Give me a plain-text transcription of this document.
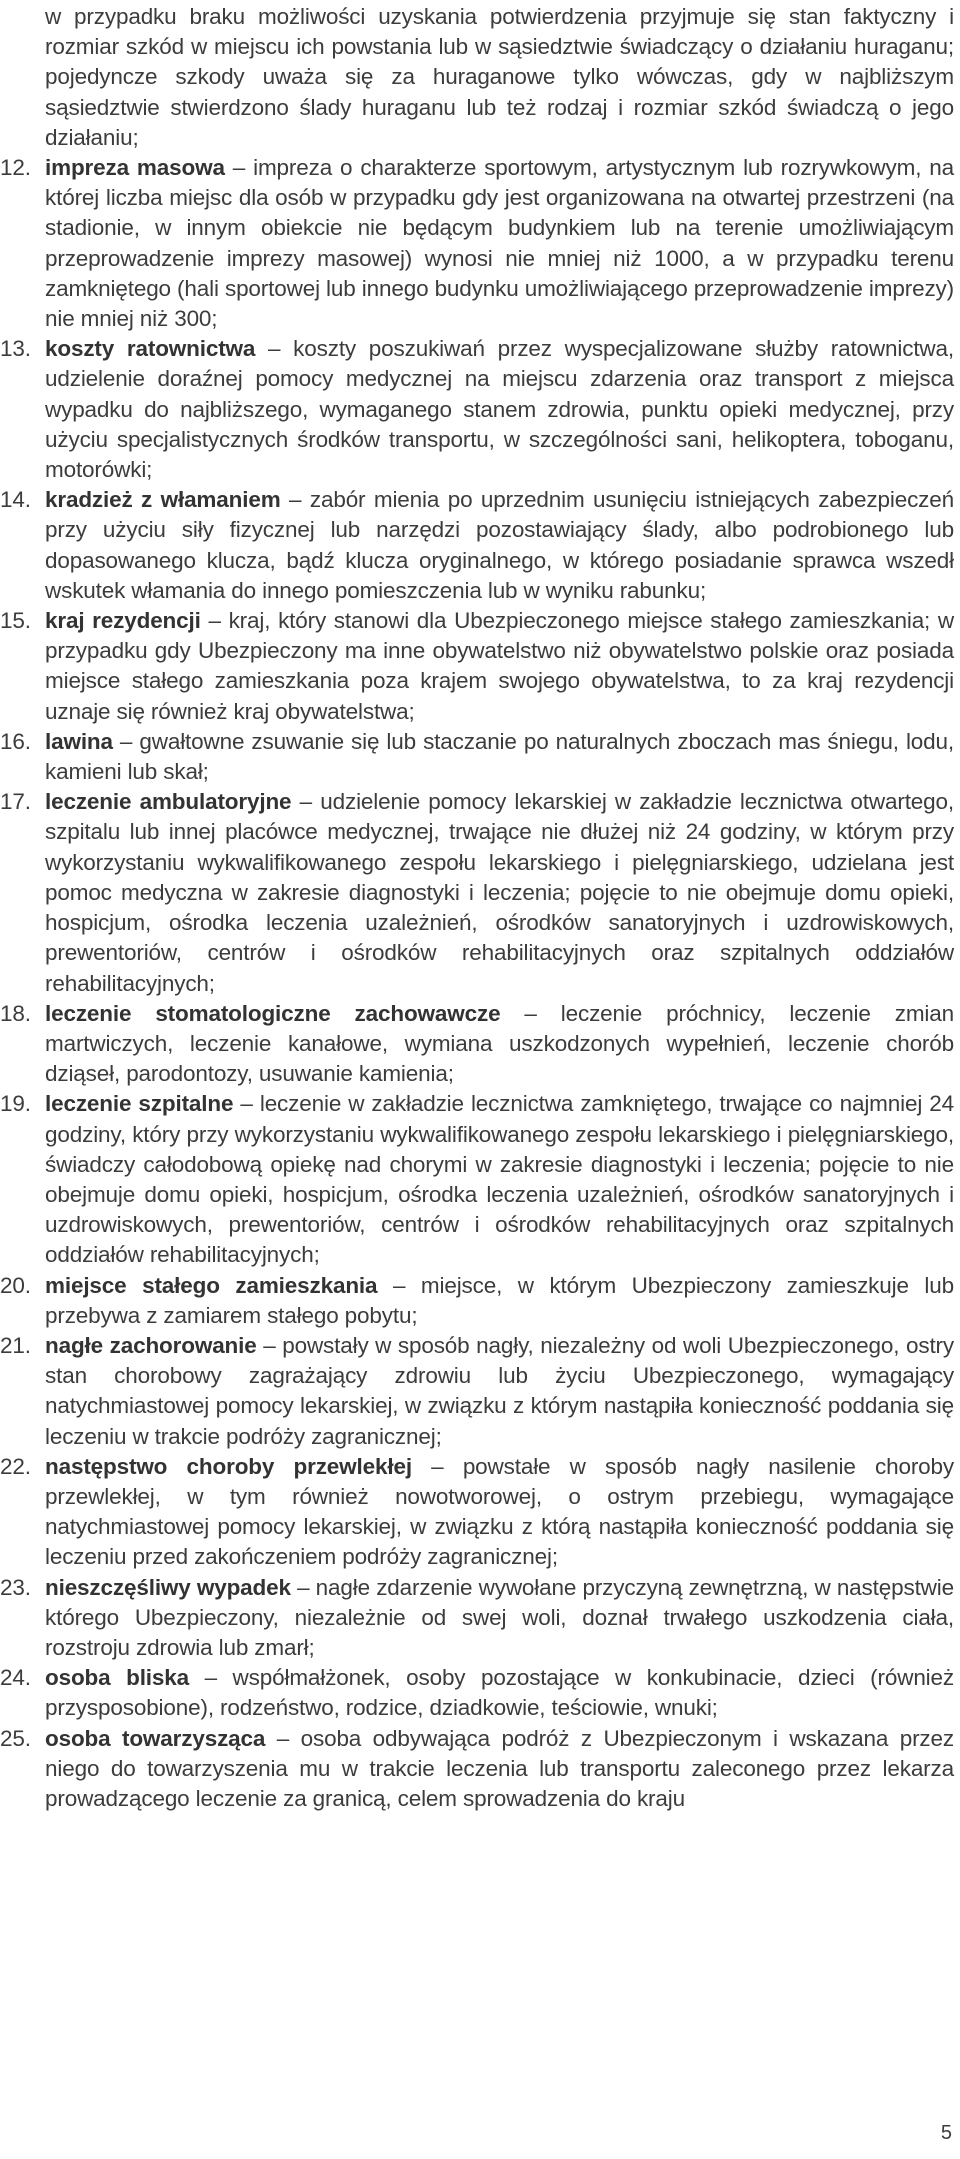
w przypadku braku możliwości uzyskania potwierdzenia przyjmuje się stan faktyczny i rozmiar szkód w miejscu ich powstania lub w sąsiedztwie świadczący o działaniu huraganu; pojedyncze szkody uważa się za huraganowe tylko wówczas, gdy w najbliższym sąsiedztwie stwierdzono ślady huraganu lub też rodzaj i rozmiar szkód świadczą o jego działaniu;

12. impreza masowa – impreza o charakterze sportowym, artystycznym lub rozrywkowym, na której liczba miejsc dla osób w przypadku gdy jest organizowana na otwartej przestrzeni (na stadionie, w innym obiekcie nie będącym budynkiem lub na terenie umożliwiającym przeprowadzenie imprezy masowej) wynosi nie mniej niż 1000, a w przypadku terenu zamkniętego (hali sportowej lub innego budynku umożliwiającego przeprowadzenie imprezy) nie mniej niż 300;

13. koszty ratownictwa – koszty poszukiwań przez wyspecjalizowane służby ratownictwa, udzielenie doraźnej pomocy medycznej na miejscu zdarzenia oraz transport z miejsca wypadku do najbliższego, wymaganego stanem zdrowia, punktu opieki medycznej, przy użyciu specjalistycznych środków transportu, w szczególności sani, helikoptera, toboganu, motorówki;

14. kradzież z włamaniem – zabór mienia po uprzednim usunięciu istniejących zabezpieczeń przy użyciu siły fizycznej lub narzędzi pozostawiający ślady, albo podrobionego lub dopasowanego klucza, bądź klucza oryginalnego, w którego posiadanie sprawca wszedł wskutek włamania do innego pomieszczenia lub w wyniku rabunku;

15. kraj rezydencji – kraj, który stanowi dla Ubezpieczonego miejsce stałego zamieszkania; w przypadku gdy Ubezpieczony ma inne obywatelstwo niż obywatelstwo polskie oraz posiada miejsce stałego zamieszkania poza krajem swojego obywatelstwa, to za kraj rezydencji uznaje się również kraj obywatelstwa;

16. lawina – gwałtowne zsuwanie się lub staczanie po naturalnych zboczach mas śniegu, lodu, kamieni lub skał;

17. leczenie ambulatoryjne – udzielenie pomocy lekarskiej w zakładzie lecznictwa otwartego, szpitalu lub innej placówce medycznej, trwające nie dłużej niż 24 godziny, w którym przy wykorzystaniu wykwalifikowanego zespołu lekarskiego i pielęgniarskiego, udzielana jest pomoc medyczna w zakresie diagnostyki i leczenia; pojęcie to nie obejmuje domu opieki, hospicjum, ośrodka leczenia uzależnień, ośrodków sanatoryjnych i uzdrowiskowych, prewentoriów, centrów i ośrodków rehabilitacyjnych oraz szpitalnych oddziałów rehabilitacyjnych;

18. leczenie stomatologiczne zachowawcze – leczenie próchnicy, leczenie zmian martwiczych, leczenie kanałowe, wymiana uszkodzonych wypełnień, leczenie chorób dziąseł, parodontozy, usuwanie kamienia;

19. leczenie szpitalne – leczenie w zakładzie lecznictwa zamkniętego, trwające co najmniej 24 godziny, który przy wykorzystaniu wykwalifikowanego zespołu lekarskiego i pielęgniarskiego, świadczy całodobową opiekę nad chorymi w zakresie diagnostyki i leczenia; pojęcie to nie obejmuje domu opieki, hospicjum, ośrodka leczenia uzależnień, ośrodków sanatoryjnych i uzdrowiskowych, prewentoriów, centrów i ośrodków rehabilitacyjnych oraz szpitalnych oddziałów rehabilitacyjnych;

20. miejsce stałego zamieszkania – miejsce, w którym Ubezpieczony zamieszkuje lub przebywa z zamiarem stałego pobytu;

21. nagłe zachorowanie – powstały w sposób nagły, niezależny od woli Ubezpieczonego, ostry stan chorobowy zagrażający zdrowiu lub życiu Ubezpieczonego, wymagający natychmiastowej pomocy lekarskiej, w związku z którym nastąpiła konieczność poddania się leczeniu w trakcie podróży zagranicznej;

22. następstwo choroby przewlekłej – powstałe w sposób nagły nasilenie choroby przewlekłej, w tym również nowotworowej, o ostrym przebiegu, wymagające natychmiastowej pomocy lekarskiej, w związku z którą nastąpiła konieczność poddania się leczeniu przed zakończeniem podróży zagranicznej;

23. nieszczęśliwy wypadek – nagłe zdarzenie wywołane przyczyną zewnętrzną, w następstwie którego Ubezpieczony, niezależnie od swej woli, doznał trwałego uszkodzenia ciała, rozstroju zdrowia lub zmarł;

24. osoba bliska – współmałżonek, osoby pozostające w konkubinacie, dzieci (również przysposobione), rodzeństwo, rodzice, dziadkowie, teściowie, wnuki;

25. osoba towarzysząca – osoba odbywająca podróż z Ubezpieczonym i wskazana przez niego do towarzyszenia mu w trakcie leczenia lub transportu zaleconego przez lekarza prowadzącego leczenie za granicą, celem sprowadzenia do kraju

5
